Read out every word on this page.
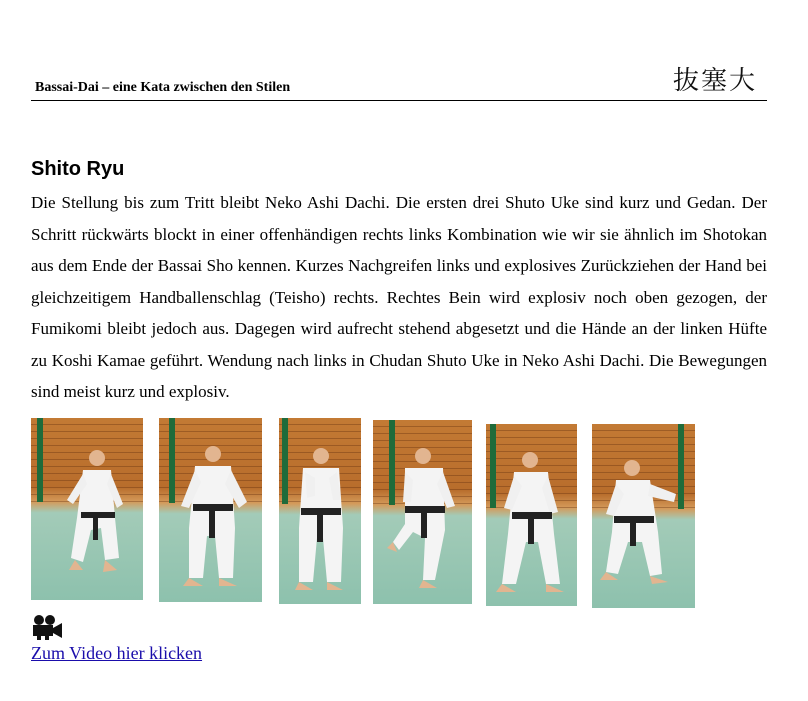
Bassai-Dai – eine Kata zwischen den Stilen	抜塞大
Shito Ryu
Die Stellung bis zum Tritt bleibt Neko Ashi Dachi. Die ersten drei Shuto Uke sind kurz und Gedan. Der Schritt rückwärts blockt in einer offenhändigen rechts links Kombination wie wir sie ähnlich im Shotokan aus dem Ende der Bassai Sho kennen. Kurzes Nachgreifen links und explosives Zurückziehen der Hand bei gleichzeitigem Handballenschlag (Teisho) rechts. Rechtes Bein wird explosiv noch oben gezogen, der Fumikomi bleibt jedoch aus. Dagegen wird aufrecht stehend abgesetzt und die Hände an der linken Hüfte zu Koshi Kamae geführt. Wendung nach links in Chudan Shuto Uke in Neko Ashi Dachi. Die Bewegungen sind meist kurz und explosiv.
Zum Video hier klicken
